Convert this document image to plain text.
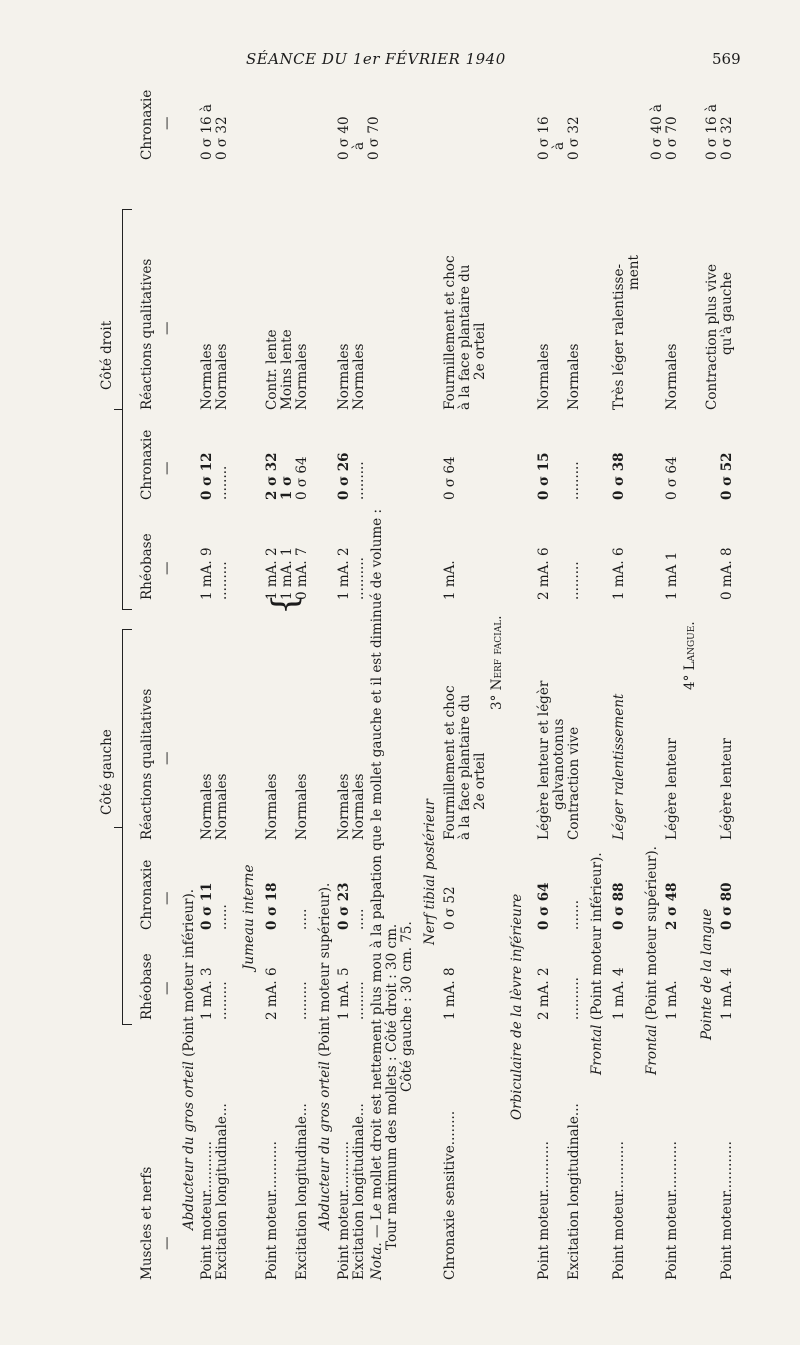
SÉANCE DU 1er FÉVRIER 1940	569
Côté gauche
Côté droit
Muscles et nerfs
Rhéobase
Chronaxie
Réactions qualitatives
Rhéobase
Chronaxie
Réactions qualitatives
Chronaxie
—
—
—
—
—
—
—
—
Abducteur du gros orteil (Point moteur inférieur).
Point moteur............
1 mA. 3
0 σ 11
Normales
1 mA. 9
0 σ 12
Normales
0 σ 16 à
Excitation longitudinale...
.........
......
Normales
.........
........
Normales
0 σ 32
Jumeau interne
Point moteur............
2 mA. 6
0 σ 18
Normales
Excitation longitudinale...
.........
.....
Normales
{
1 mA. 2 1 mA. 1 0 mA. 7
2 σ 32 1 σ 0 σ 64
Contr. lente Moins lente Normales
Abducteur du gros orteil (Point moteur supérieur).
Point moteur............
1 mA. 5
0 σ 23
Normales
1 mA. 2
0 σ 26
Normales
0 σ 40
Excitation longitudinale...
.........
.....
Normales
..........
.........
Normales
à 0 σ 70
Nota. — Le mollet droit est nettement plus mou à la palpation que le mollet gauche et il est diminué de volume : Tour maximum des mollets : Côté droit : 30 cm. Côté gauche : 30 cm. 75.
Nerf tibial postérieur
Chronaxie sensitive........
1 mA. 8
0 σ 52
Fourmillement et choc à la face plantaire du 2e orteil
1 mA.
0 σ 64
Fourmillement et choc à la face plantaire du 2e orteil
3° Nerf facial.
Orbiculaire de la lèvre inférieure
Point moteur............
2 mA. 2
0 σ 64
Légère lenteur et légèr galvanotonus
2 mA. 6
0 σ 15
Normales
0 σ 16
Excitation longitudinale...
..........
.......
Contraction vive
.........
.........
Normales
à 0 σ 32
Frontal (Point moteur inférieur).
Point moteur............
1 mA. 4
0 σ 88
Léger ralentissement
1 mA. 6
0 σ 38
Très léger ralentisse- ment
Frontal (Point moteur supérieur).
Point moteur............
1 mA.
2 σ 48
Légère lenteur
1 mA 1
0 σ 64
Normales
0 σ 40 à 0 σ 70
4° Langue.
Pointe de la langue
Point moteur............
1 mA. 4
0 σ 80
Légère lenteur
0 mA. 8
0 σ 52
Contraction plus vive qu'à gauche
0 σ 16 à 0 σ 32
